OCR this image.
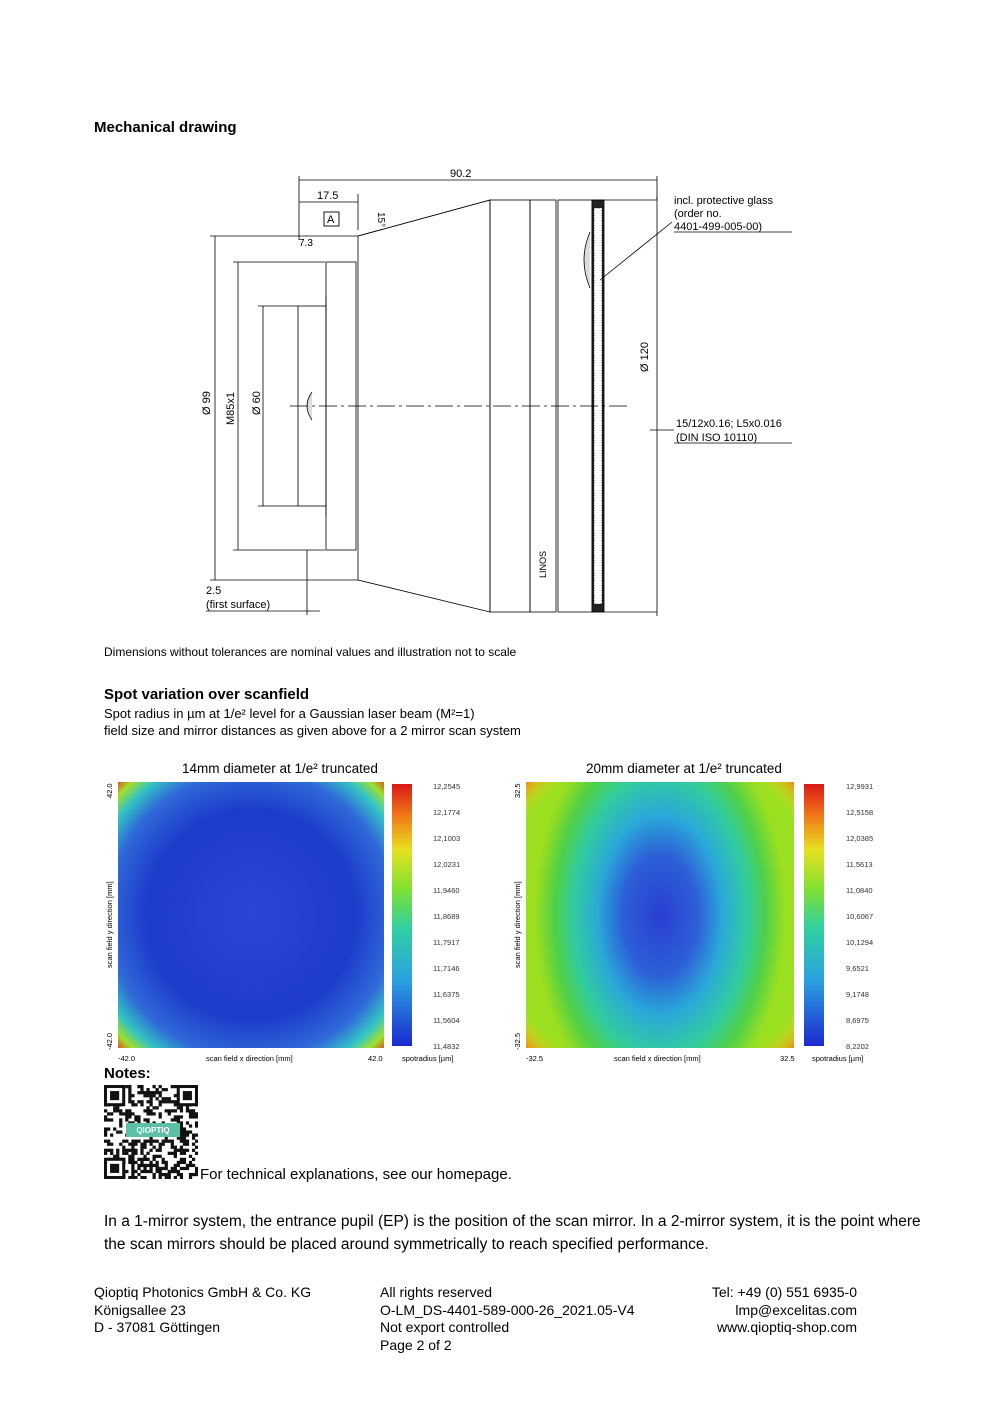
Mechanical drawing
90.2
17.5
A	15°
7.3
Ø 99 M85x1 Ø 60
Ø 120
LINOS
incl. protective glass
(order no.
4401-499-005-00)
15/12x0.16; L5x0.016
(DIN ISO 10110)
2.5
(first surface)
Dimensions without tolerances are nominal values and illustration not to scale
Spot variation over scanfield
Spot radius in µm at 1/e² level for a Gaussian laser beam (M²=1)
field size and mirror distances as given above for a 2 mirror scan system
14mm diameter at 1/e² truncated
42.0
-42.0
scan field y direction [mm]
-42.0	scan field x direction [mm]	42.0	spotradius [µm]
12,2545
12,1774
12,1003
12,0231
11,9460
11,8689
11,7917
11,7146
11,6375
11,5604
11,4832
20mm diameter at 1/e² truncated
32.5
-32.5
scan field y direction [mm]
-32.5	scan field x direction [mm]	32.5 spotradius [µm]
12,9931
12,5158
12,0385
11,5613
11,0840
10,6067
10,1294
9,6521
9,1748
8,6975
8,2202
Notes:
QIOPTIQ
For technical explanations, see our homepage.
In a 1-mirror system, the entrance pupil (EP) is the position of the scan mirror. In a 2-mirror system, it is the point where the scan mirrors should be placed around symmetrically to reach specified performance.
Qioptiq Photonics GmbH & Co. KG
Königsallee 23
D - 37081 Göttingen
All rights reserved
O-LM_DS-4401-589-000-26_2021.05-V4
Not export controlled
Page 2 of 2
Tel: +49 (0) 551 6935-0
lmp@excelitas.com
www.qioptiq-shop.com
